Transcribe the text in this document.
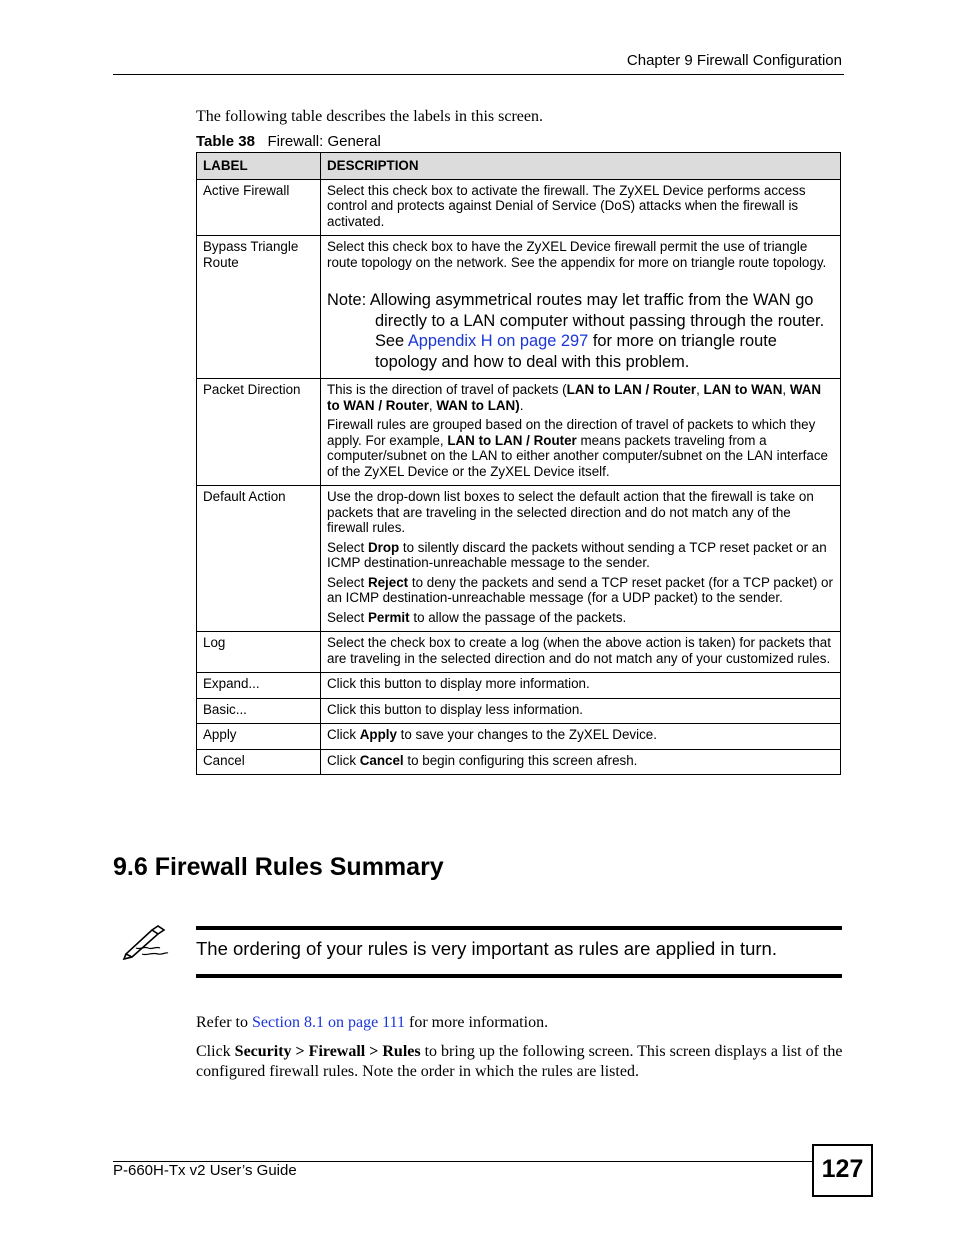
Chapter 9 Firewall Configuration
The following table describes the labels in this screen.
Table 38 Firewall: General
LABEL	DESCRIPTION
Active Firewall	Select this check box to activate the firewall. The ZyXEL Device performs access control and protects against Denial of Service (DoS) attacks when the firewall is activated.
Bypass Triangle Route	Select this check box to have the ZyXEL Device firewall permit the use of triangle route topology on the network. See the appendix for more on triangle route topology.

Note: Allowing asymmetrical routes may let traffic from the WAN go directly to a LAN computer without passing through the router. See Appendix H on page 297 for more on triangle route topology and how to deal with this problem.

Packet Direction	This is the direction of travel of packets (LAN to LAN / Router, LAN to WAN, WAN to WAN / Router, WAN to LAN).

Firewall rules are grouped based on the direction of travel of packets to which they apply. For example, LAN to LAN / Router means packets traveling from a computer/subnet on the LAN to either another computer/subnet on the LAN interface of the ZyXEL Device or the ZyXEL Device itself.

Default Action	Use the drop-down list boxes to select the default action that the firewall is take on packets that are traveling in the selected direction and do not match any of the firewall rules.

Select Drop to silently discard the packets without sending a TCP reset packet or an ICMP destination-unreachable message to the sender.

Select Reject to deny the packets and send a TCP reset packet (for a TCP packet) or an ICMP destination-unreachable message (for a UDP packet) to the sender.

Select Permit to allow the passage of the packets.

Log	Select the check box to create a log (when the above action is taken) for packets that are traveling in the selected direction and do not match any of your customized rules.
Expand...	Click this button to display more information.
Basic...	Click this button to display less information.
Apply	Click Apply to save your changes to the ZyXEL Device.
Cancel	Click Cancel to begin configuring this screen afresh.
9.6 Firewall Rules Summary
The ordering of your rules is very important as rules are applied in turn.
Refer to Section 8.1 on page 111 for more information.
Click Security > Firewall > Rules to bring up the following screen. This screen displays a list of the configured firewall rules. Note the order in which the rules are listed.
P-660H-Tx v2 User’s Guide	127
